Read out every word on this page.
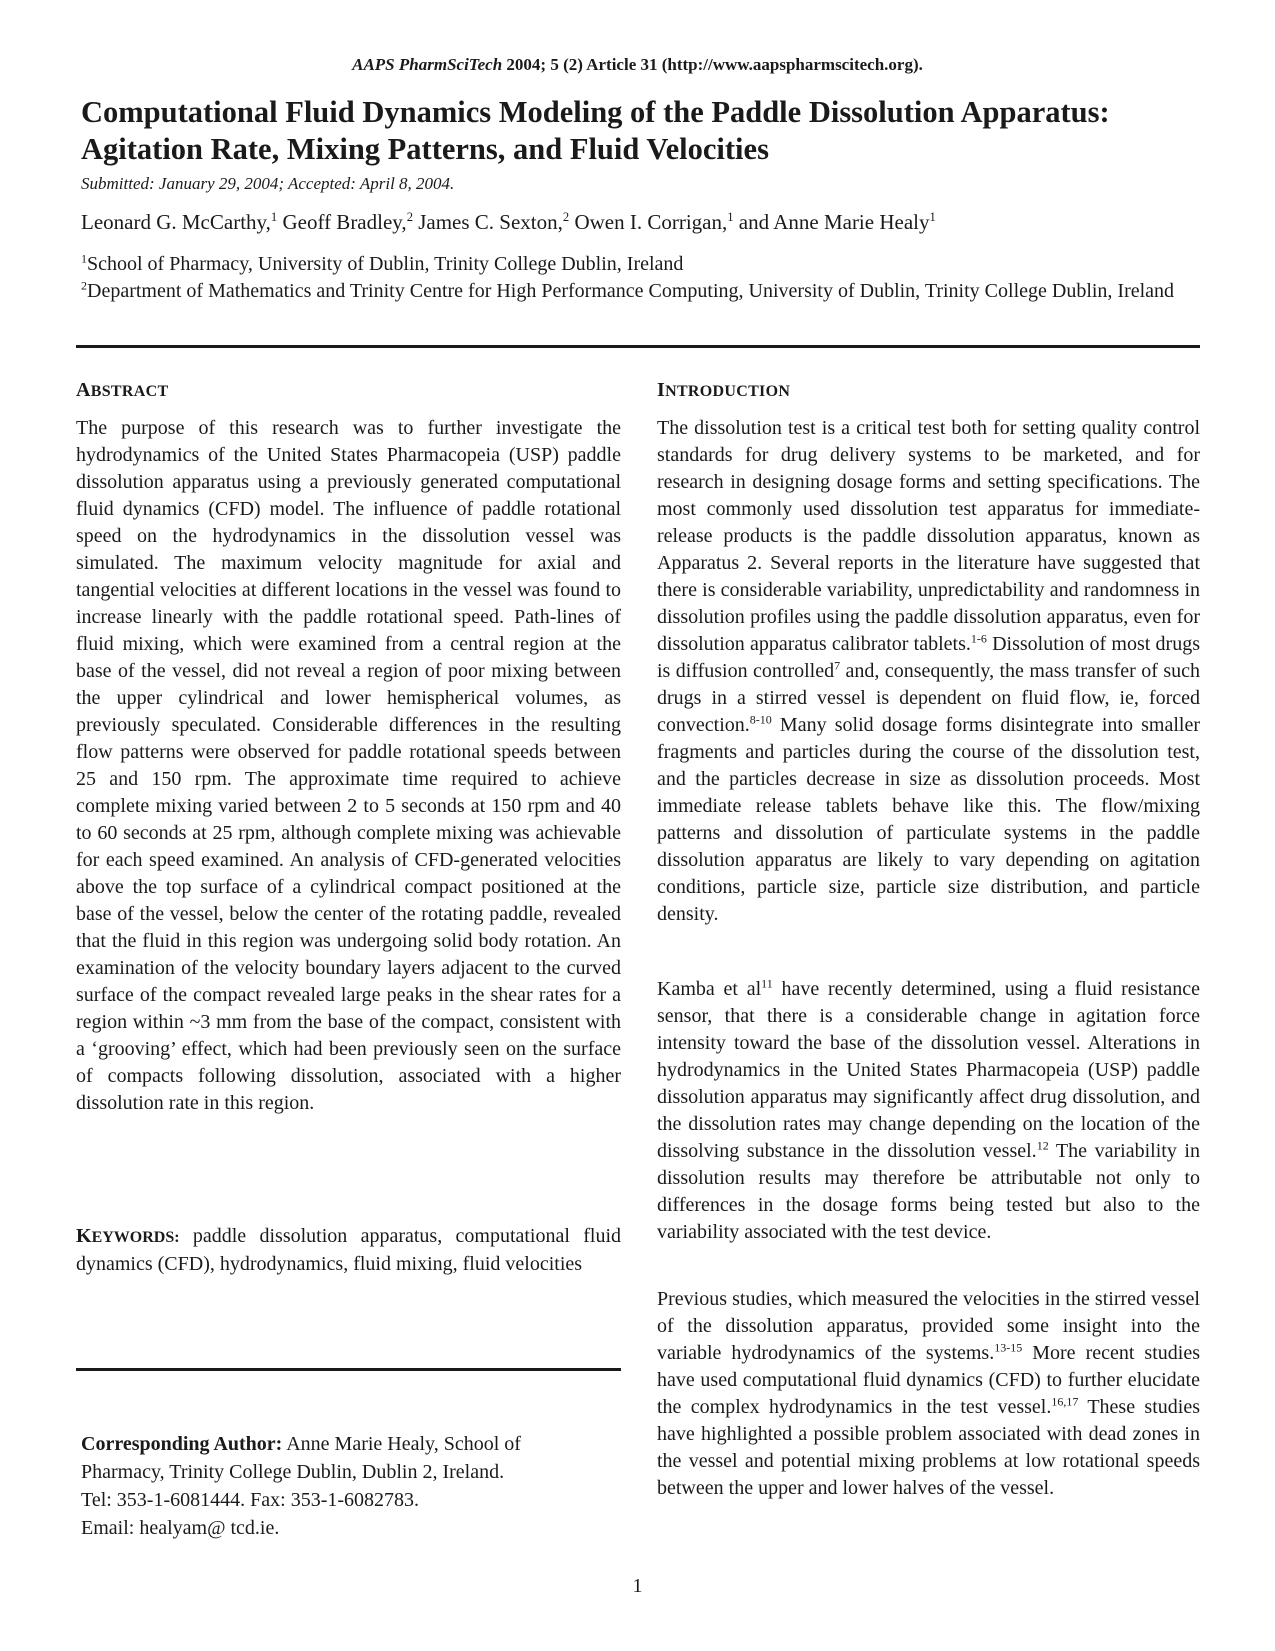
AAPS PharmSciTech 2004; 5 (2) Article 31 (http://www.aapspharmscitech.org).
Computational Fluid Dynamics Modeling of the Paddle Dissolution Apparatus:
Agitation Rate, Mixing Patterns, and Fluid Velocities
Submitted: January 29, 2004; Accepted: April 8, 2004.
Leonard G. McCarthy,$^1$ Geoff Bradley,$^2$ James C. Sexton,$^2$ Owen I. Corrigan,$^1$ and Anne Marie Healy$^1$
$^1$School of Pharmacy, University of Dublin, Trinity College Dublin, Ireland
$^2$Department of Mathematics and Trinity Centre for High Performance Computing, University of Dublin, Trinity College Dublin, Ireland
ABSTRACT

The purpose of this research was to further investigate the hydrodynamics of the United States Pharmacopeia (USP) paddle dissolution apparatus using a previously generated computational fluid dynamics (CFD) model. The influence of paddle rotational speed on the hydrodynamics in the dissolution vessel was simulated. The maximum velocity magnitude for axial and tangential velocities at different locations in the vessel was found to increase linearly with the paddle rotational speed. Path-lines of fluid mixing, which were examined from a central region at the base of the vessel, did not reveal a region of poor mixing between the upper cylindrical and lower hemispherical volumes, as previously speculated. Considerable differences in the resulting flow patterns were observed for paddle rotational speeds between 25 and 150 rpm. The approximate time required to achieve complete mixing varied between 2 to 5 seconds at 150 rpm and 40 to 60 seconds at 25 rpm, although complete mixing was achievable for each speed examined. An analysis of CFD-generated velocities above the top surface of a cylindrical compact positioned at the base of the vessel, below the center of the rotating paddle, revealed that the fluid in this region was undergoing solid body rotation. An examination of the velocity boundary layers adjacent to the curved surface of the compact revealed large peaks in the shear rates for a region within ~3 mm from the base of the compact, consistent with a ‘grooving’ effect, which had been previously seen on the surface of compacts following dissolution, associated with a higher dissolution rate in this region.

KEYWORDS: paddle dissolution apparatus, computational fluid dynamics (CFD), hydrodynamics, fluid mixing, fluid velocities

Corresponding Author: Anne Marie Healy, School of
Pharmacy, Trinity College Dublin, Dublin 2, Ireland.
Tel: 353-1-6081444. Fax: 353-1-6082783.
Email: healyam@ tcd.ie.
INTRODUCTION

The dissolution test is a critical test both for setting quality control standards for drug delivery systems to be marketed, and for research in designing dosage forms and setting specifications. The most commonly used dissolution test apparatus for immediate-release products is the paddle dissolution apparatus, known as Apparatus 2. Several reports in the literature have suggested that there is considerable variability, unpredictability and randomness in dissolution profiles using the paddle dissolution apparatus, even for dissolution apparatus calibrator tablets.$^{1-6}$ Dissolution of most drugs is diffusion controlled$^7$ and, consequently, the mass transfer of such drugs in a stirred vessel is dependent on fluid flow, ie, forced convection.$^{8-10}$ Many solid dosage forms disintegrate into smaller fragments and particles during the course of the dissolution test, and the particles decrease in size as dissolution proceeds. Most immediate release tablets behave like this. The flow/mixing patterns and dissolution of particulate systems in the paddle dissolution apparatus are likely to vary depending on agitation conditions, particle size, particle size distribution, and particle density.

Kamba et $al^{11}$ have recently determined, using a fluid resistance sensor, that there is a considerable change in agitation force intensity toward the base of the dissolution vessel. Alterations in hydrodynamics in the United States Pharmacopeia (USP) paddle dissolution apparatus may significantly affect drug dissolution, and the dissolution rates may change depending on the location of the dissolving substance in the dissolution vessel.$^{12}$ The variability in dissolution results may therefore be attributable not only to differences in the dosage forms being tested but also to the variability associated with the test device.

Previous studies, which measured the velocities in the stirred vessel of the dissolution apparatus, provided some insight into the variable hydrodynamics of the systems.$^{13-15}$ More recent studies have used computational fluid dynamics (CFD) to further elucidate the complex hydrodynamics in the test vessel.$^{16,17}$ These studies have highlighted a possible problem associated with dead zones in the vessel and potential mixing problems at low rotational speeds between the upper and lower halves of the vessel.

1
